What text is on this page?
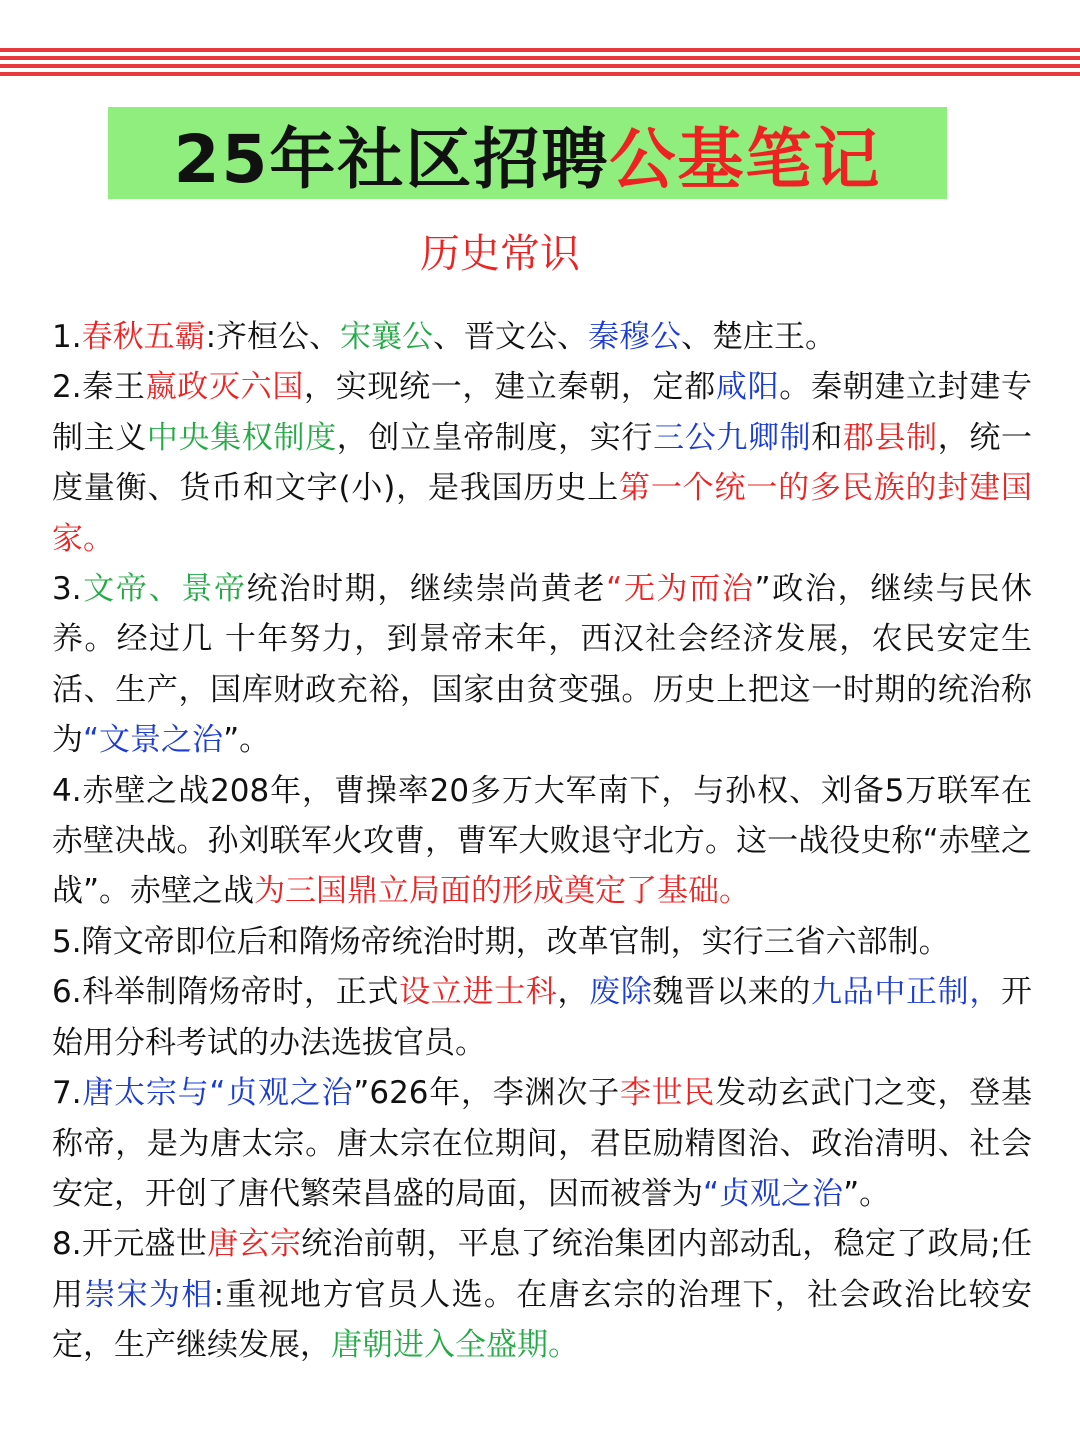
25年社区招聘 公基笔记
历史常识

1.春秋五霸:齐桓公、宋襄公、晋文公、秦穆公、楚庄王。

2.秦王嬴政灭六国，实现统一，建立秦朝，定都咸阳。秦朝建立封建专制主义中央集权制度，创立皇帝制度，实行三公九卿制和郡县制，统一度量衡、货币和文字(小)，是我国历史上第一个统一的多民族的封建国家。

3.文帝、景帝统治时期，继续崇尚黄老“无为而治”政治，继续与民休养。经过几 十年努力，到景帝末年，西汉社会经济发展，农民安定生活、生产，国库财政充裕，国家由贫变强。历史上把这一时期的统治称为“文景之治”。

4.赤壁之战208年，曹操率20多万大军南下，与孙权、刘备5万联军在赤壁决战。孙刘联军火攻曹，曹军大败退守北方。这一战役史称“赤壁之战”。赤壁之战为三国鼎立局面的形成奠定了基础。

5.隋文帝即位后和隋炀帝统治时期，改革官制，实行三省六部制。

6.科举制隋炀帝时，正式设立进士科，废除魏晋以来的九品中正制，开始用分科考试的办法选拔官员。

7.唐太宗与“贞观之治”626年，李渊次子李世民发动玄武门之变，登基称帝，是为唐太宗。唐太宗在位期间，君臣励精图治、政治清明、社会安定，开创了唐代繁荣昌盛的局面，因而被誉为“贞观之治”。

8.开元盛世唐玄宗统治前朝，平息了统治集团内部动乱，稳定了政局;任用崇宋为相:重视地方官员人选。在唐玄宗的治理下，社会政治比较安定，生产继续发展，唐朝进入全盛期。
